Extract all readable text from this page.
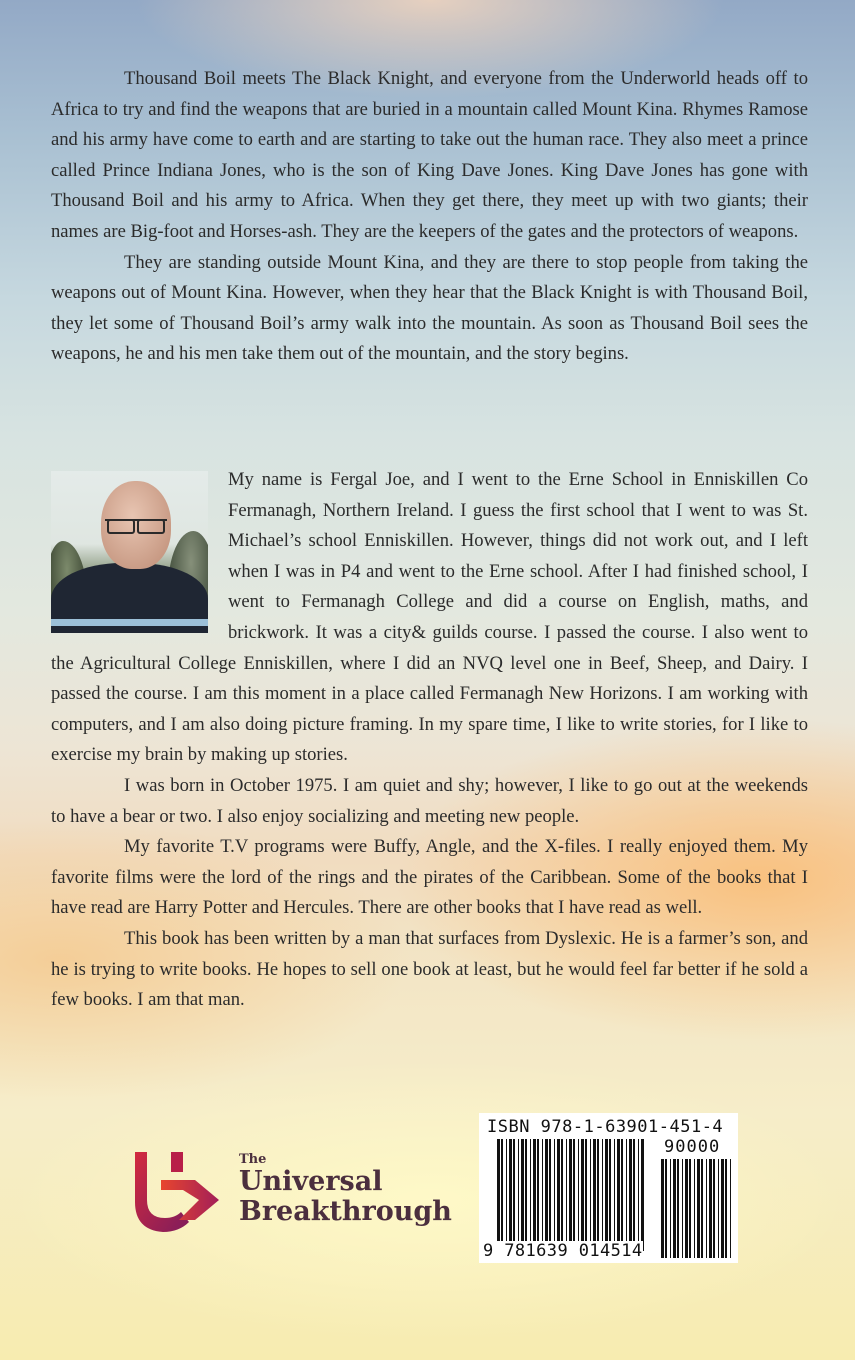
Thousand Boil meets The Black Knight, and everyone from the Underworld heads off to Africa to try and find the weapons that are buried in a mountain called Mount Kina. Rhymes Ramose and his army have come to earth and are starting to take out the human race. They also meet a prince called Prince Indiana Jones, who is the son of King Dave Jones. King Dave Jones has gone with Thousand Boil and his army to Africa. When they get there, they meet up with two giants; their names are Big-foot and Horses-ash. They are the keepers of the gates and the protectors of weapons.

They are standing outside Mount Kina, and they are there to stop people from taking the weapons out of Mount Kina. However, when they hear that the Black Knight is with Thousand Boil, they let some of Thousand Boil’s army walk into the mountain. As soon as Thousand Boil sees the weapons, he and his men take them out of the mountain, and the story begins.

My name is Fergal Joe, and I went to the Erne School in Enniskillen Co Fermanagh, Northern Ireland. I guess the first school that I went to was St. Michael’s school Enniskillen. However, things did not work out, and I left when I was in P4 and went to the Erne school. After I had finished school, I went to Fermanagh College and did a course on English, maths, and brickwork. It was a city& guilds course. I passed the course. I also went to the Agricultural College Enniskillen, where I did an NVQ level one in Beef, Sheep, and Dairy. I passed the course. I am this moment in a place called Fermanagh New Horizons. I am working with computers, and I am also doing picture framing. In my spare time, I like to write stories, for I like to exercise my brain by making up stories.

I was born in October 1975. I am quiet and shy; however, I like to go out at the weekends to have a bear or two. I also enjoy socializing and meeting new people.

My favorite T.V programs were Buffy, Angle, and the X-files. I really enjoyed them. My favorite films were the lord of the rings and the pirates of the Caribbean. Some of the books that I have read are Harry Potter and Hercules. There are other books that I have read as well.

This book has been written by a man that surfaces from Dyslexic. He is a farmer’s son, and he is trying to write books. He hopes to sell one book at least, but he would feel far better if he sold a few books. I am that man.

The
Universal
Breakthrough
ISBN 978-1-63901-451-4
90000
9 781639 014514
